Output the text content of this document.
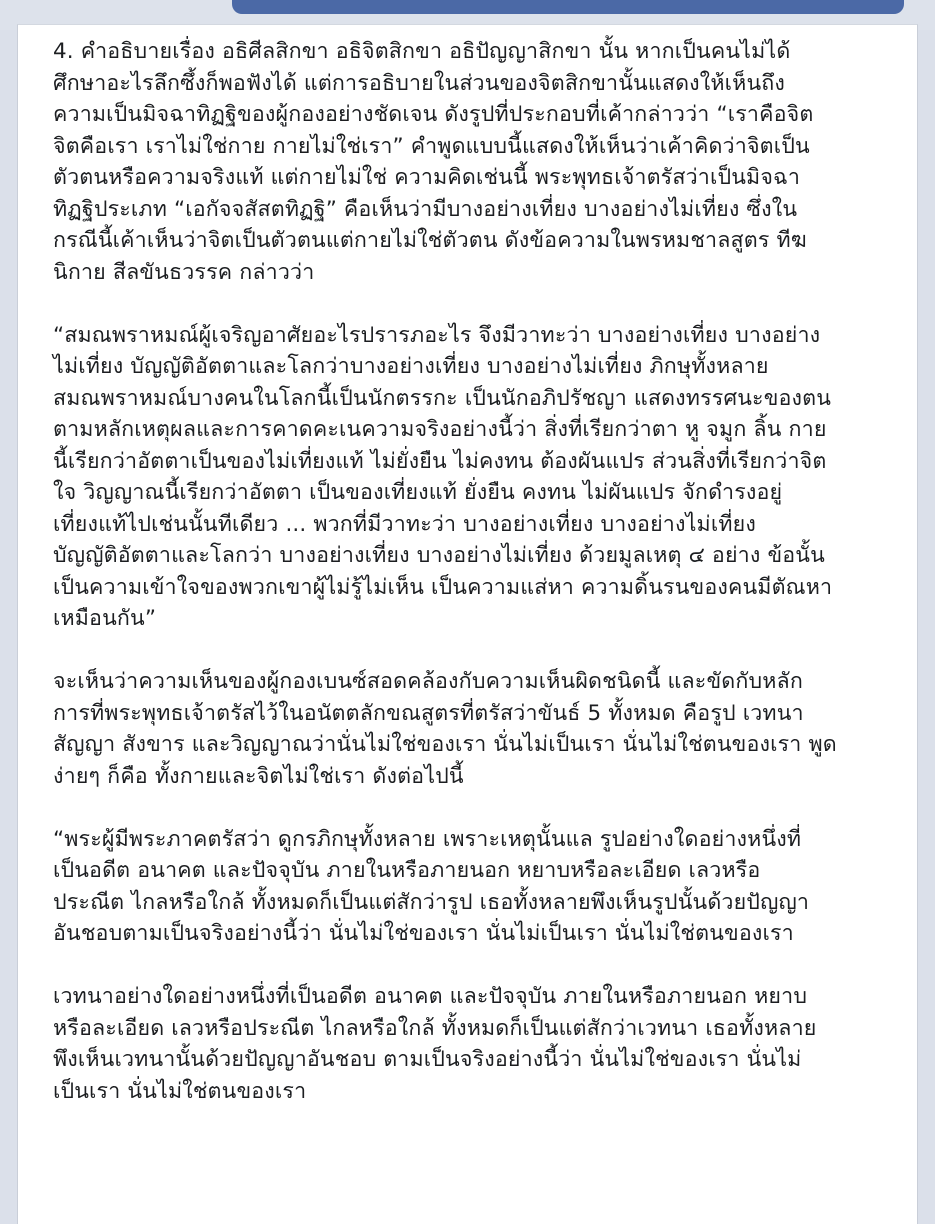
4. คำอธิบายเรื่อง อธิศีลสิกขา อธิจิตสิกขา อธิปัญญาสิกขา นั้น หากเป็นคนไม่ได้
ศึกษาอะไรลึกซึ้งก็พอฟังได้ แต่การอธิบายในส่วนของจิตสิกขานั้นแสดงให้เห็นถึง
ความเป็นมิจฉาทิฏฐิของผู้กองอย่างชัดเจน ดังรูปที่ประกอบที่เค้ากล่าวว่า “เราคือจิต
จิตคือเรา เราไม่ใช่กาย กายไม่ใช่เรา” คำพูดแบบนี้แสดงให้เห็นว่าเค้าคิดว่าจิตเป็น
ตัวตนหรือความจริงแท้ แต่กายไม่ใช่ ความคิดเช่นนี้ พระพุทธเจ้าตรัสว่าเป็นมิจฉา
ทิฏฐิประเภท “เอกัจจสัสตทิฏฐิ” คือเห็นว่ามีบางอย่างเที่ยง บางอย่างไม่เที่ยง ซึ่งใน
กรณีนี้เค้าเห็นว่าจิตเป็นตัวตนแต่กายไม่ใช่ตัวตน ดังข้อความในพรหมชาลสูตร ทีฆ
นิกาย สีลขันธวรรค กล่าวว่า

“สมณพราหมณ์ผู้เจริญอาศัยอะไรปรารภอะไร จึงมีวาทะว่า บางอย่างเที่ยง บางอย่าง
ไม่เที่ยง บัญญัติอัตตาและโลกว่าบางอย่างเที่ยง บางอย่างไม่เที่ยง ภิกษุทั้งหลาย
สมณพราหมณ์บางคนในโลกนี้เป็นนักตรรกะ เป็นนักอภิปรัชญา แสดงทรรศนะของตน
ตามหลักเหตุผลและการคาดคะเนความจริงอย่างนี้ว่า สิ่งที่เรียกว่าตา หู จมูก ลิ้น กาย
นี้เรียกว่าอัตตาเป็นของไม่เที่ยงแท้ ไม่ยั่งยืน ไม่คงทน ต้องผันแปร ส่วนสิ่งที่เรียกว่าจิต
ใจ วิญญาณนี้เรียกว่าอัตตา เป็นของเที่ยงแท้ ยั่งยืน คงทน ไม่ผันแปร จักดำรงอยู่
เที่ยงแท้ไปเช่นนั้นทีเดียว ... พวกที่มีวาทะว่า บางอย่างเที่ยง บางอย่างไม่เที่ยง
บัญญัติอัตตาและโลกว่า บางอย่างเที่ยง บางอย่างไม่เที่ยง ด้วยมูลเหตุ ๔ อย่าง ข้อนั้น
เป็นความเข้าใจของพวกเขาผู้ไม่รู้ไม่เห็น เป็นความแส่หา ความดิ้นรนของคนมีตัณหา
เหมือนกัน”

จะเห็นว่าความเห็นของผู้กองเบนซ์สอดคล้องกับความเห็นผิดชนิดนี้ และขัดกับหลัก
การที่พระพุทธเจ้าตรัสไว้ในอนัตตลักขณสูตรที่ตรัสว่าขันธ์ 5 ทั้งหมด คือรูป เวทนา
สัญญา สังขาร และวิญญาณว่านั่นไม่ใช่ของเรา นั่นไม่เป็นเรา นั่นไม่ใช่ตนของเรา พูด
ง่ายๆ ก็คือ ทั้งกายและจิตไม่ใช่เรา ดังต่อไปนี้

“พระผู้มีพระภาคตรัสว่า ดูกรภิกษุทั้งหลาย เพราะเหตุนั้นแล รูปอย่างใดอย่างหนึ่งที่
เป็นอดีต อนาคต และปัจจุบัน ภายในหรือภายนอก หยาบหรือละเอียด เลวหรือ
ประณีต ไกลหรือใกล้ ทั้งหมดก็เป็นแต่สักว่ารูป เธอทั้งหลายพึงเห็นรูปนั้นด้วยปัญญา
อันชอบตามเป็นจริงอย่างนี้ว่า นั่นไม่ใช่ของเรา นั่นไม่เป็นเรา นั่นไม่ใช่ตนของเรา

เวทนาอย่างใดอย่างหนึ่งที่เป็นอดีต อนาคต และปัจจุบัน ภายในหรือภายนอก หยาบ
หรือละเอียด เลวหรือประณีต ไกลหรือใกล้ ทั้งหมดก็เป็นแต่สักว่าเวทนา เธอทั้งหลาย
พึงเห็นเวทนานั้นด้วยปัญญาอันชอบ ตามเป็นจริงอย่างนี้ว่า นั่นไม่ใช่ของเรา นั่นไม่
เป็นเรา นั่นไม่ใช่ตนของเรา
